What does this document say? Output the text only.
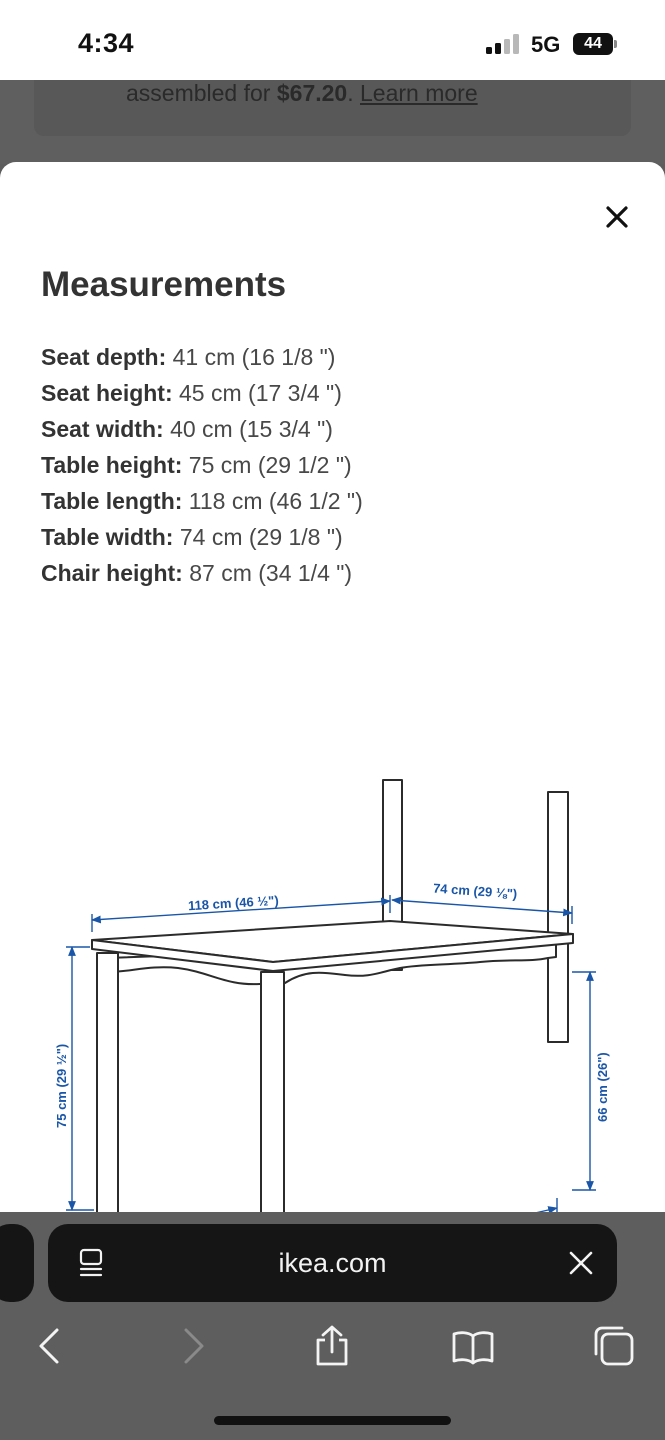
4:34	5G	44
assembled for $67.20. Learn more
Measurements
Seat depth: 41 cm (16 1/8 ")
Seat height: 45 cm (17 3/4 ")
Seat width: 40 cm (15 3/4 ")
Table height: 75 cm (29 1/2 ")
Table length: 118 cm (46 1/2 ")
Table width: 74 cm (29 1/8 ")
Chair height: 87 cm (34 1/4 ")
118 cm (46 ½")
74 cm (29 ⅛")
75 cm (29 ½")	66 cm (26")
ikea.com
